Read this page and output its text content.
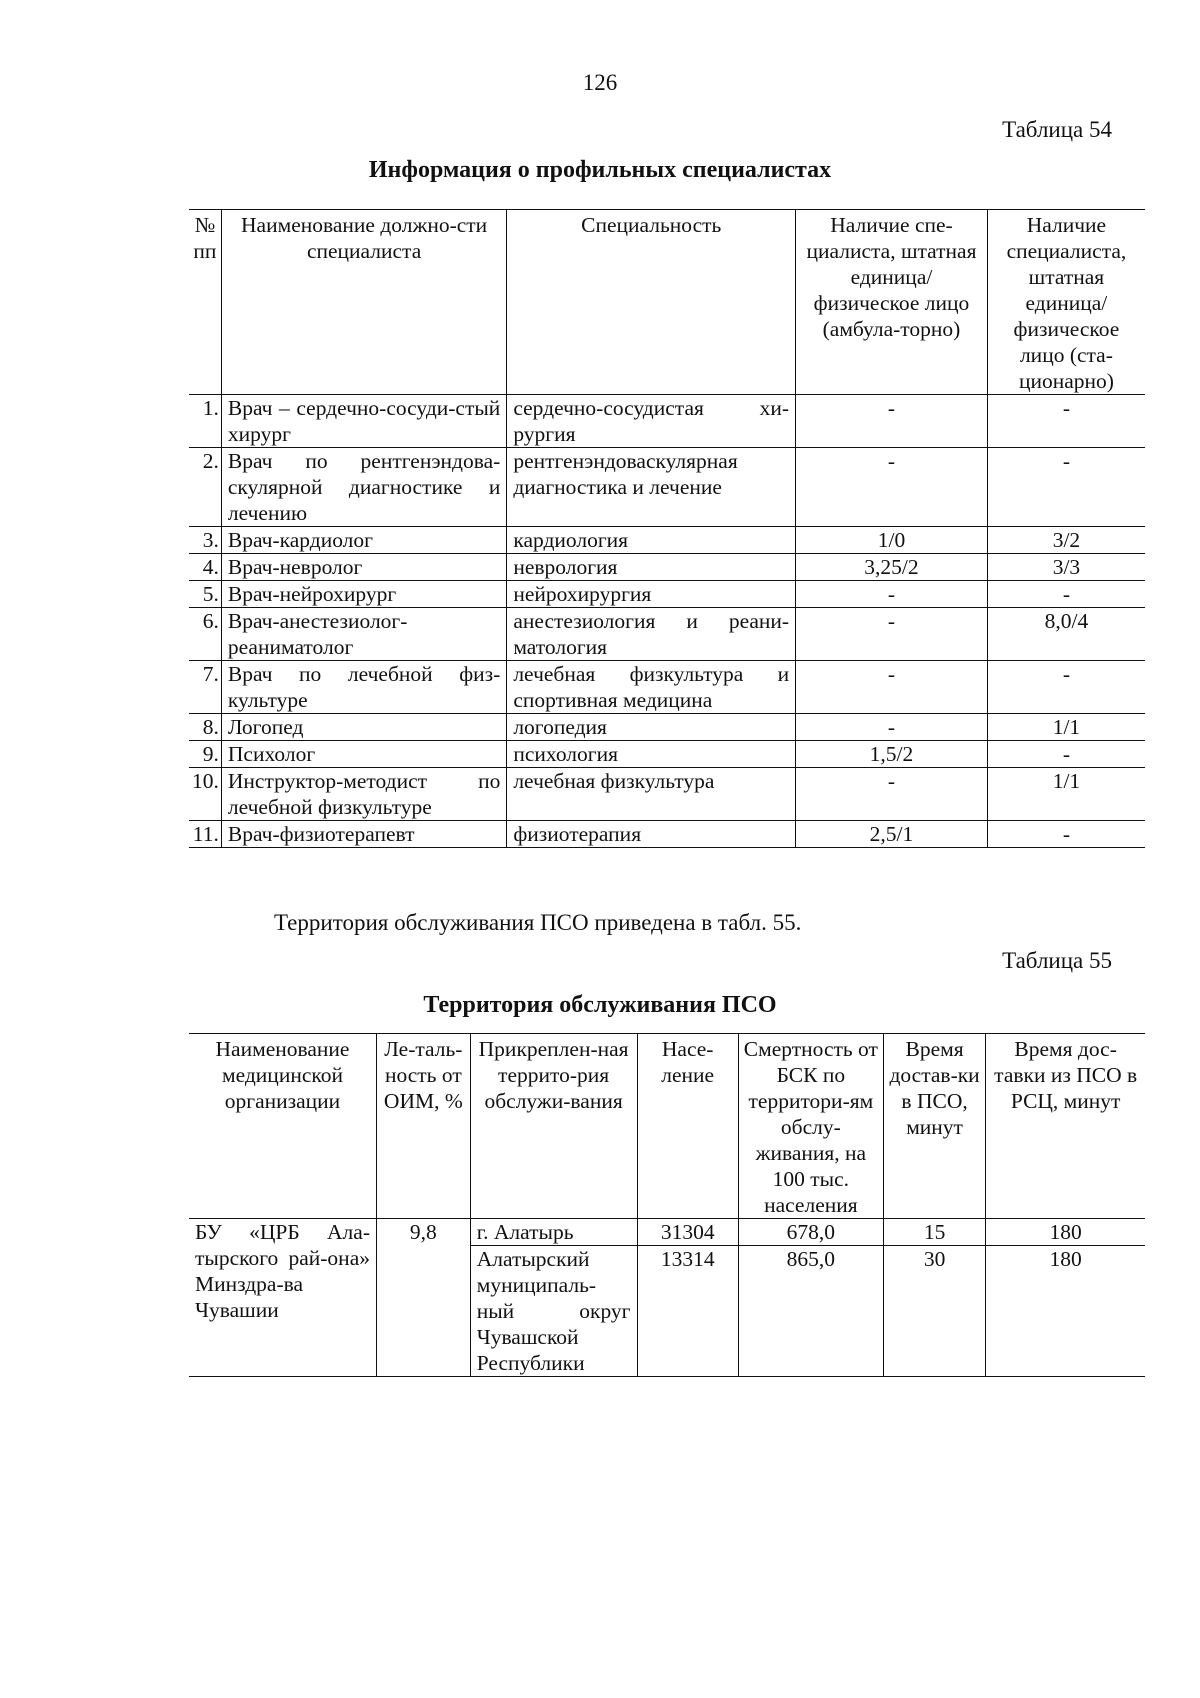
126
Таблица 54
Информация о профильных специалистах
№ пп	Наименование должно-сти специалиста	Специальность	Наличие спе-циалиста, штатная единица/ физическое лицо (амбула-торно)	Наличие специалиста, штатная единица/ физическое лицо (ста-ционарно)
1.	Врач – сердечно-сосуди-стый хирург	сердечно-сосудистая хи-рургия	-	-
2.	Врач по рентгенэндова-скулярной диагностике и лечению	рентгенэндоваскулярная диагностика и лечение	-	-
3.	Врач-кардиолог	кардиология	1/0	3/2
4.	Врач-невролог	неврология	3,25/2	3/3
5.	Врач-нейрохирург	нейрохирургия	-	-
6.	Врач-анестезиолог-реаниматолог	анестезиология и реани-матология	-	8,0/4
7.	Врач по лечебной физ-культуре	лечебная физкультура и спортивная медицина	-	-
8.	Логопед	логопедия	-	1/1
9.	Психолог	психология	1,5/2	-
10.	Инструктор-методист по лечебной физкультуре	лечебная физкультура	-	1/1
11.	Врач-физиотерапевт	физиотерапия	2,5/1	-
Территория обслуживания ПСО приведена в табл. 55.
Таблица 55
Территория обслуживания ПСО
Наименование медицинской организации	Ле-таль-ность от ОИМ, %	Прикреплен-ная террито-рия обслужи-вания	Насе-ление	Смертность от БСК по территори-ям обслу-живания, на 100 тыс. населения	Время достав-ки в ПСО, минут	Время дос-тавки из ПСО в РСЦ, минут
БУ «ЦРБ Ала-тырского рай-она» Минздра-ва Чувашии	9,8	г. Алатырь	31304	678,0	15	180
		Алатырский муниципаль-ный округ Чувашской Республики	13314	865,0	30	180
